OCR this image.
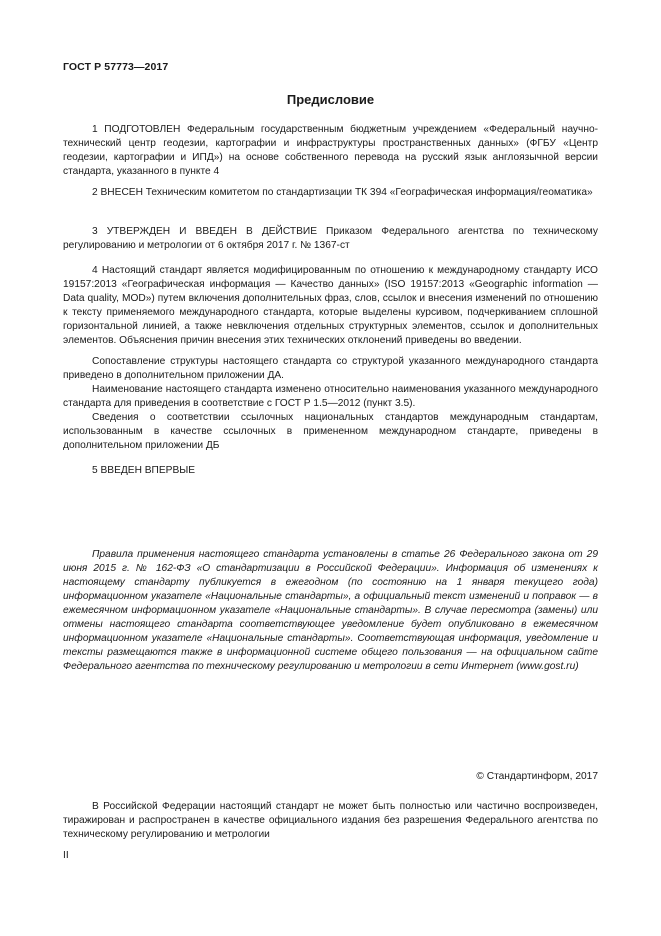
ГОСТ Р 57773—2017
Предисловие

1 ПОДГОТОВЛЕН Федеральным государственным бюджетным учреждением «Федеральный научно-технический центр геодезии, картографии и инфраструктуры пространственных данных» (ФГБУ «Центр геодезии, картографии и ИПД») на основе собственного перевода на русский язык англоязычной версии стандарта, указанного в пункте 4

2 ВНЕСЕН Техническим комитетом по стандартизации ТК 394 «Географическая информация/геоматика»

3 УТВЕРЖДЕН И ВВЕДЕН В ДЕЙСТВИЕ Приказом Федерального агентства по техническому регулированию и метрологии от 6 октября 2017 г. № 1367-ст

4 Настоящий стандарт является модифицированным по отношению к международному стандарту ИСО 19157:2013 «Географическая информация — Качество данных» (ISO 19157:2013 «Geographic information — Data quality, MOD») путем включения дополнительных фраз, слов, ссылок и внесения изменений по отношению к тексту применяемого международного стандарта, которые выделены курсивом, подчеркиванием сплошной горизонтальной линией, а также невключения отдельных структурных элементов, ссылок и дополнительных элементов. Объяснения причин внесения этих технических отклонений приведены во введении.

Сопоставление структуры настоящего стандарта со структурой указанного международного стандарта приведено в дополнительном приложении ДА.

Наименование настоящего стандарта изменено относительно наименования указанного международного стандарта для приведения в соответствие с ГОСТ Р 1.5—2012 (пункт 3.5).

Сведения о соответствии ссылочных национальных стандартов международным стандартам, использованным в качестве ссылочных в примененном международном стандарте, приведены в дополнительном приложении ДБ

5 ВВЕДЕН ВПЕРВЫЕ

Правила применения настоящего стандарта установлены в статье 26 Федерального закона от 29 июня 2015 г. № 162-ФЗ «О стандартизации в Российской Федерации». Информация об изменениях к настоящему стандарту публикуется в ежегодном (по состоянию на 1 января текущего года) информационном указателе «Национальные стандарты», а официальный текст изменений и поправок — в ежемесячном информационном указателе «Национальные стандарты». В случае пересмотра (замены) или отмены настоящего стандарта соответствующее уведомление будет опубликовано в ежемесячном информационном указателе «Национальные стандарты». Соответствующая информация, уведомление и тексты размещаются также в информационной системе общего пользования — на официальном сайте Федерального агентства по техническому регулированию и метрологии в сети Интернет (www.gost.ru)

© Стандартинформ, 2017

В Российской Федерации настоящий стандарт не может быть полностью или частично воспроизведен, тиражирован и распространен в качестве официального издания без разрешения Федерального агентства по техническому регулированию и метрологии

II
